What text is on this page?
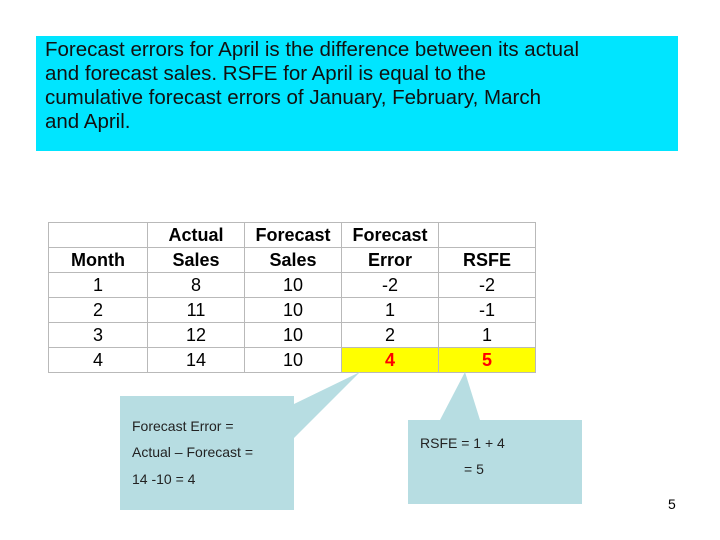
Forecast errors for April is the difference between its actual
and forecast sales. RSFE for April is equal to the
cumulative forecast errors of January, February, March
and April.
	Actual	Forecast	Forecast	
Month	Sales	Sales	Error	RSFE
1	8	10	-2	-2
2	11	10	1	-1
3	12	10	2	1
4	14	10	4	5
Forecast Error =
Actual – Forecast =
14 -10 = 4
RSFE = 1 + 4
= 5
5
